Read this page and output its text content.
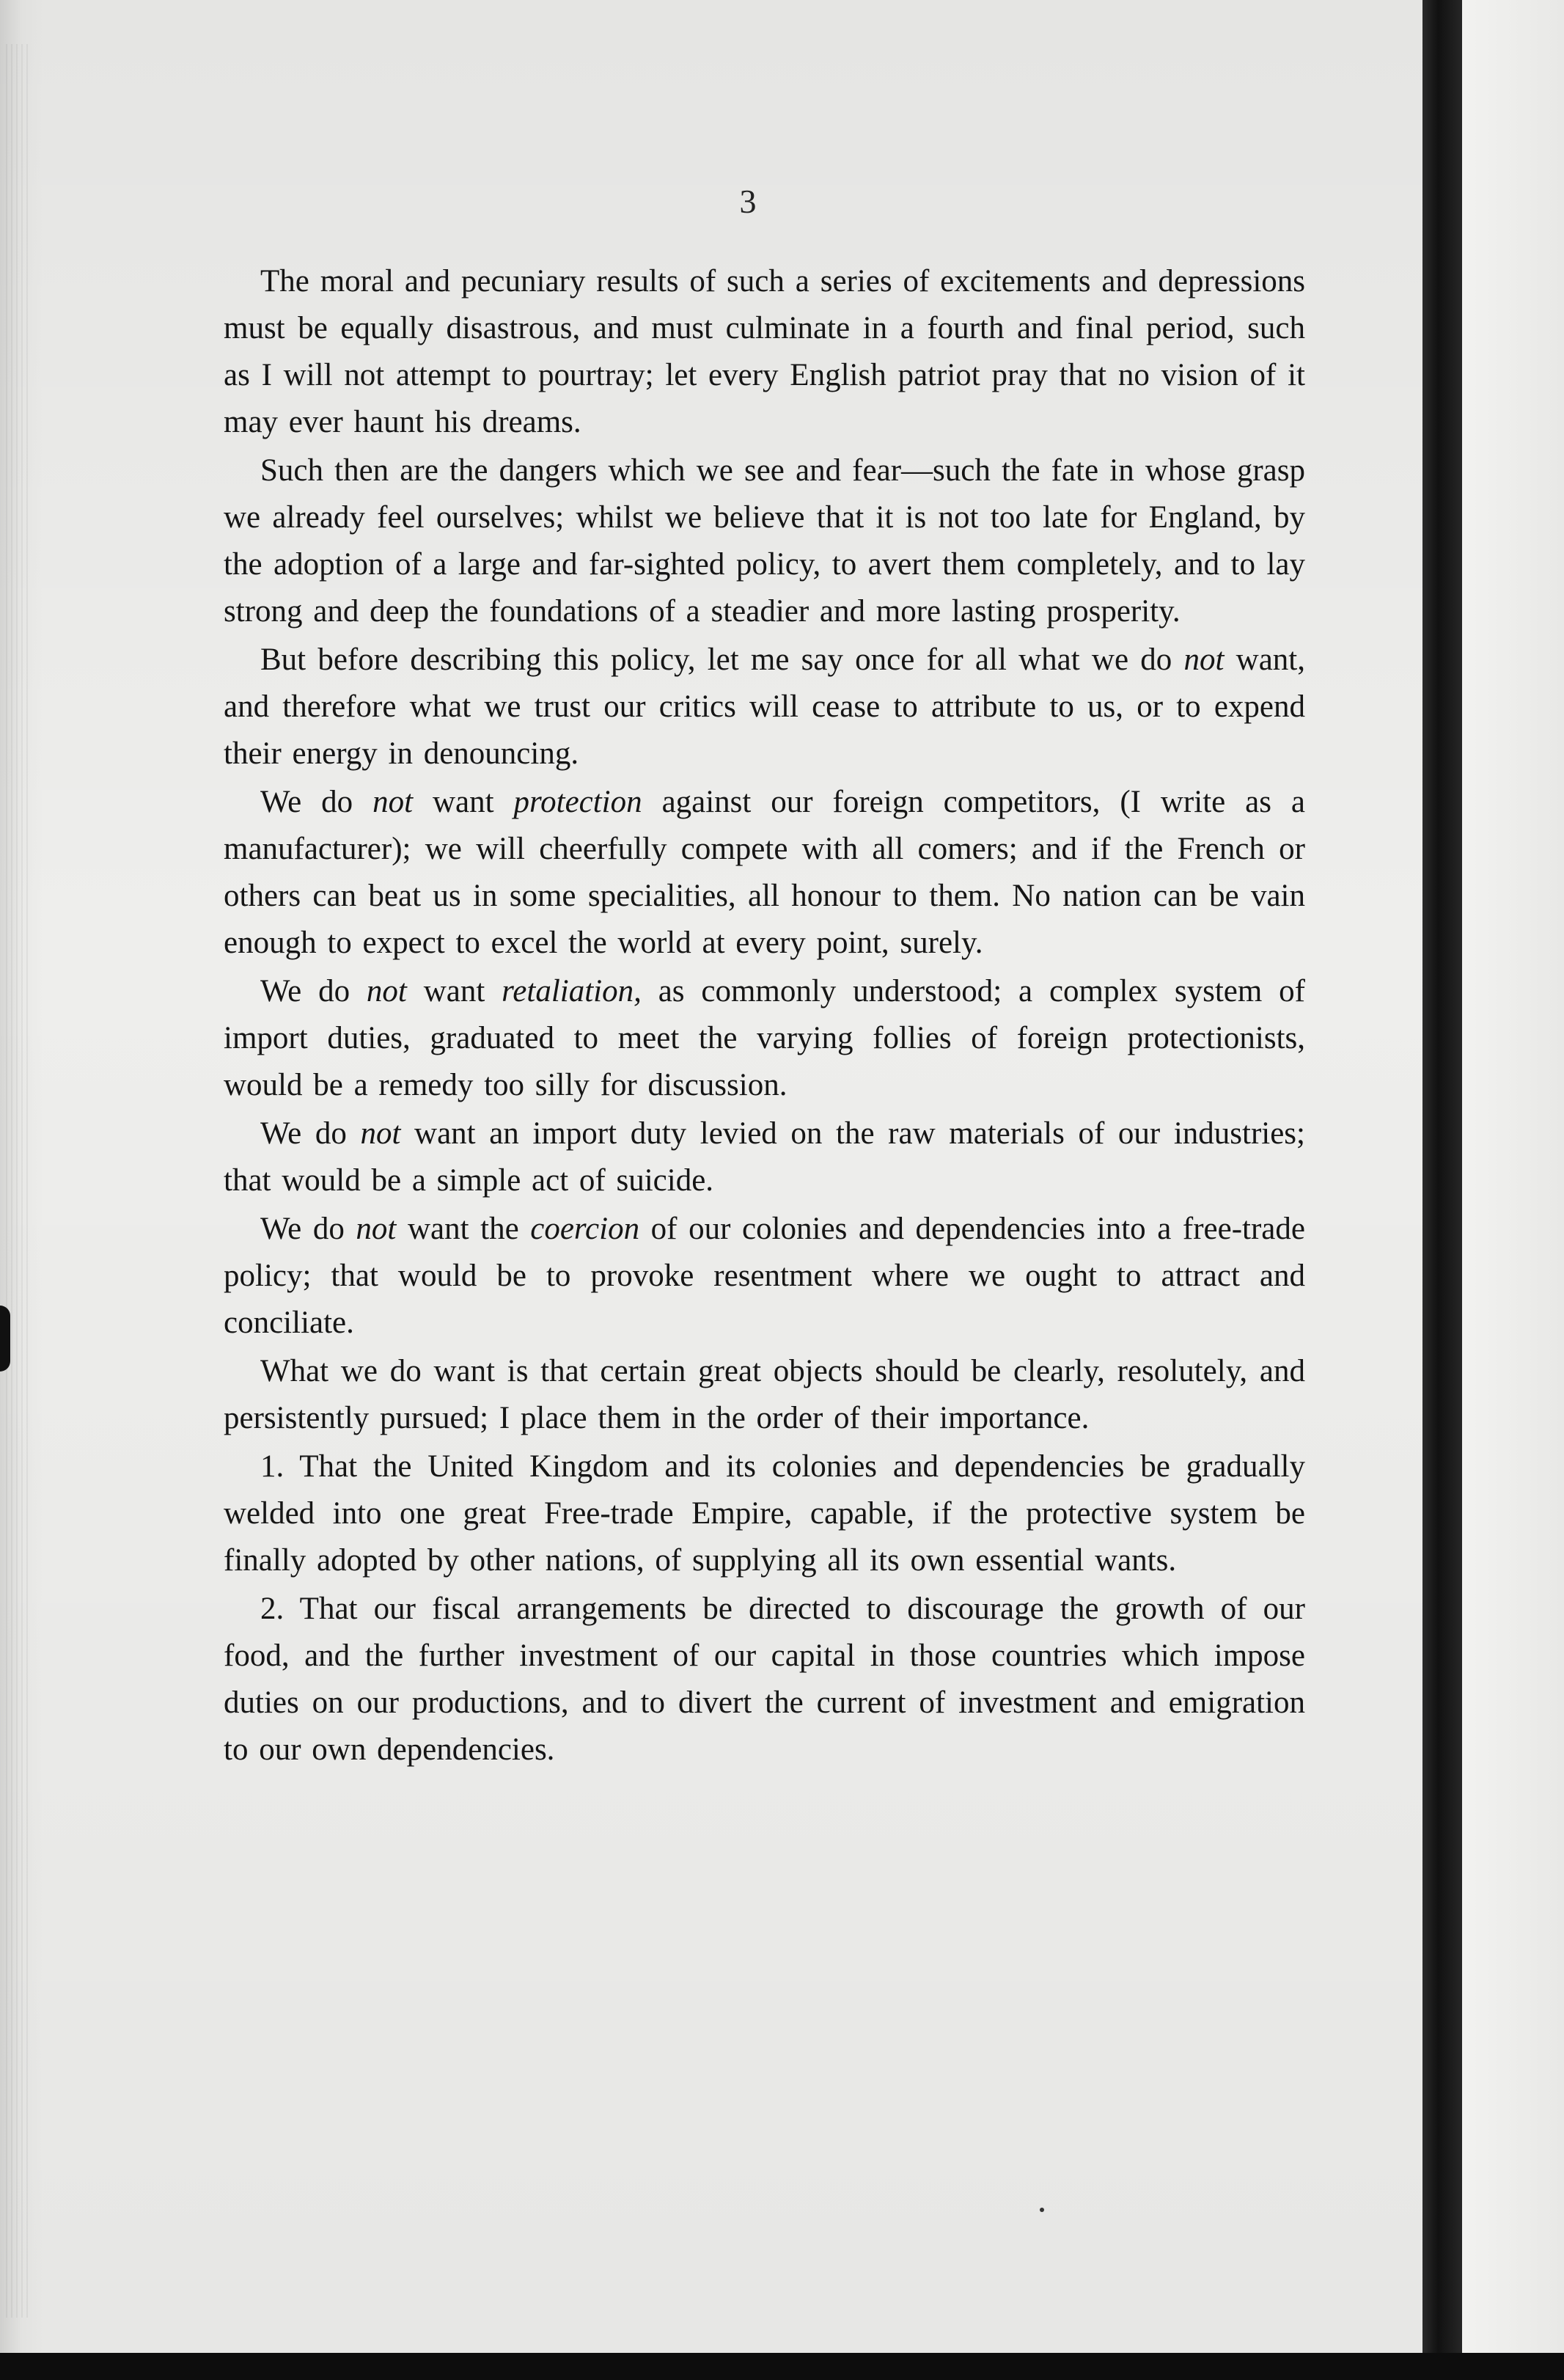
3

The moral and pecuniary results of such a series of excitements and depressions must be equally disastrous, and must culminate in a fourth and final period, such as I will not attempt to pourtray; let every English patriot pray that no vision of it may ever haunt his dreams.

Such then are the dangers which we see and fear—such the fate in whose grasp we already feel ourselves; whilst we believe that it is not too late for England, by the adoption of a large and far-sighted policy, to avert them completely, and to lay strong and deep the foundations of a steadier and more lasting prosperity.

But before describing this policy, let me say once for all what we do not want, and therefore what we trust our critics will cease to attribute to us, or to expend their energy in denouncing.

We do not want protection against our foreign competitors, (I write as a manufacturer); we will cheerfully compete with all comers; and if the French or others can beat us in some specialities, all honour to them. No nation can be vain enough to expect to excel the world at every point, surely.

We do not want retaliation, as commonly understood; a complex system of import duties, graduated to meet the varying follies of foreign protectionists, would be a remedy too silly for discussion.

We do not want an import duty levied on the raw materials of our industries; that would be a simple act of suicide.

We do not want the coercion of our colonies and dependencies into a free-trade policy; that would be to provoke resentment where we ought to attract and conciliate.

What we do want is that certain great objects should be clearly, resolutely, and persistently pursued; I place them in the order of their importance.

1. That the United Kingdom and its colonies and dependencies be gradually welded into one great Free-trade Empire, capable, if the protective system be finally adopted by other nations, of supplying all its own essential wants.

2. That our fiscal arrangements be directed to discourage the growth of our food, and the further investment of our capital in those countries which impose duties on our productions, and to divert the current of investment and emigration to our own dependencies.
